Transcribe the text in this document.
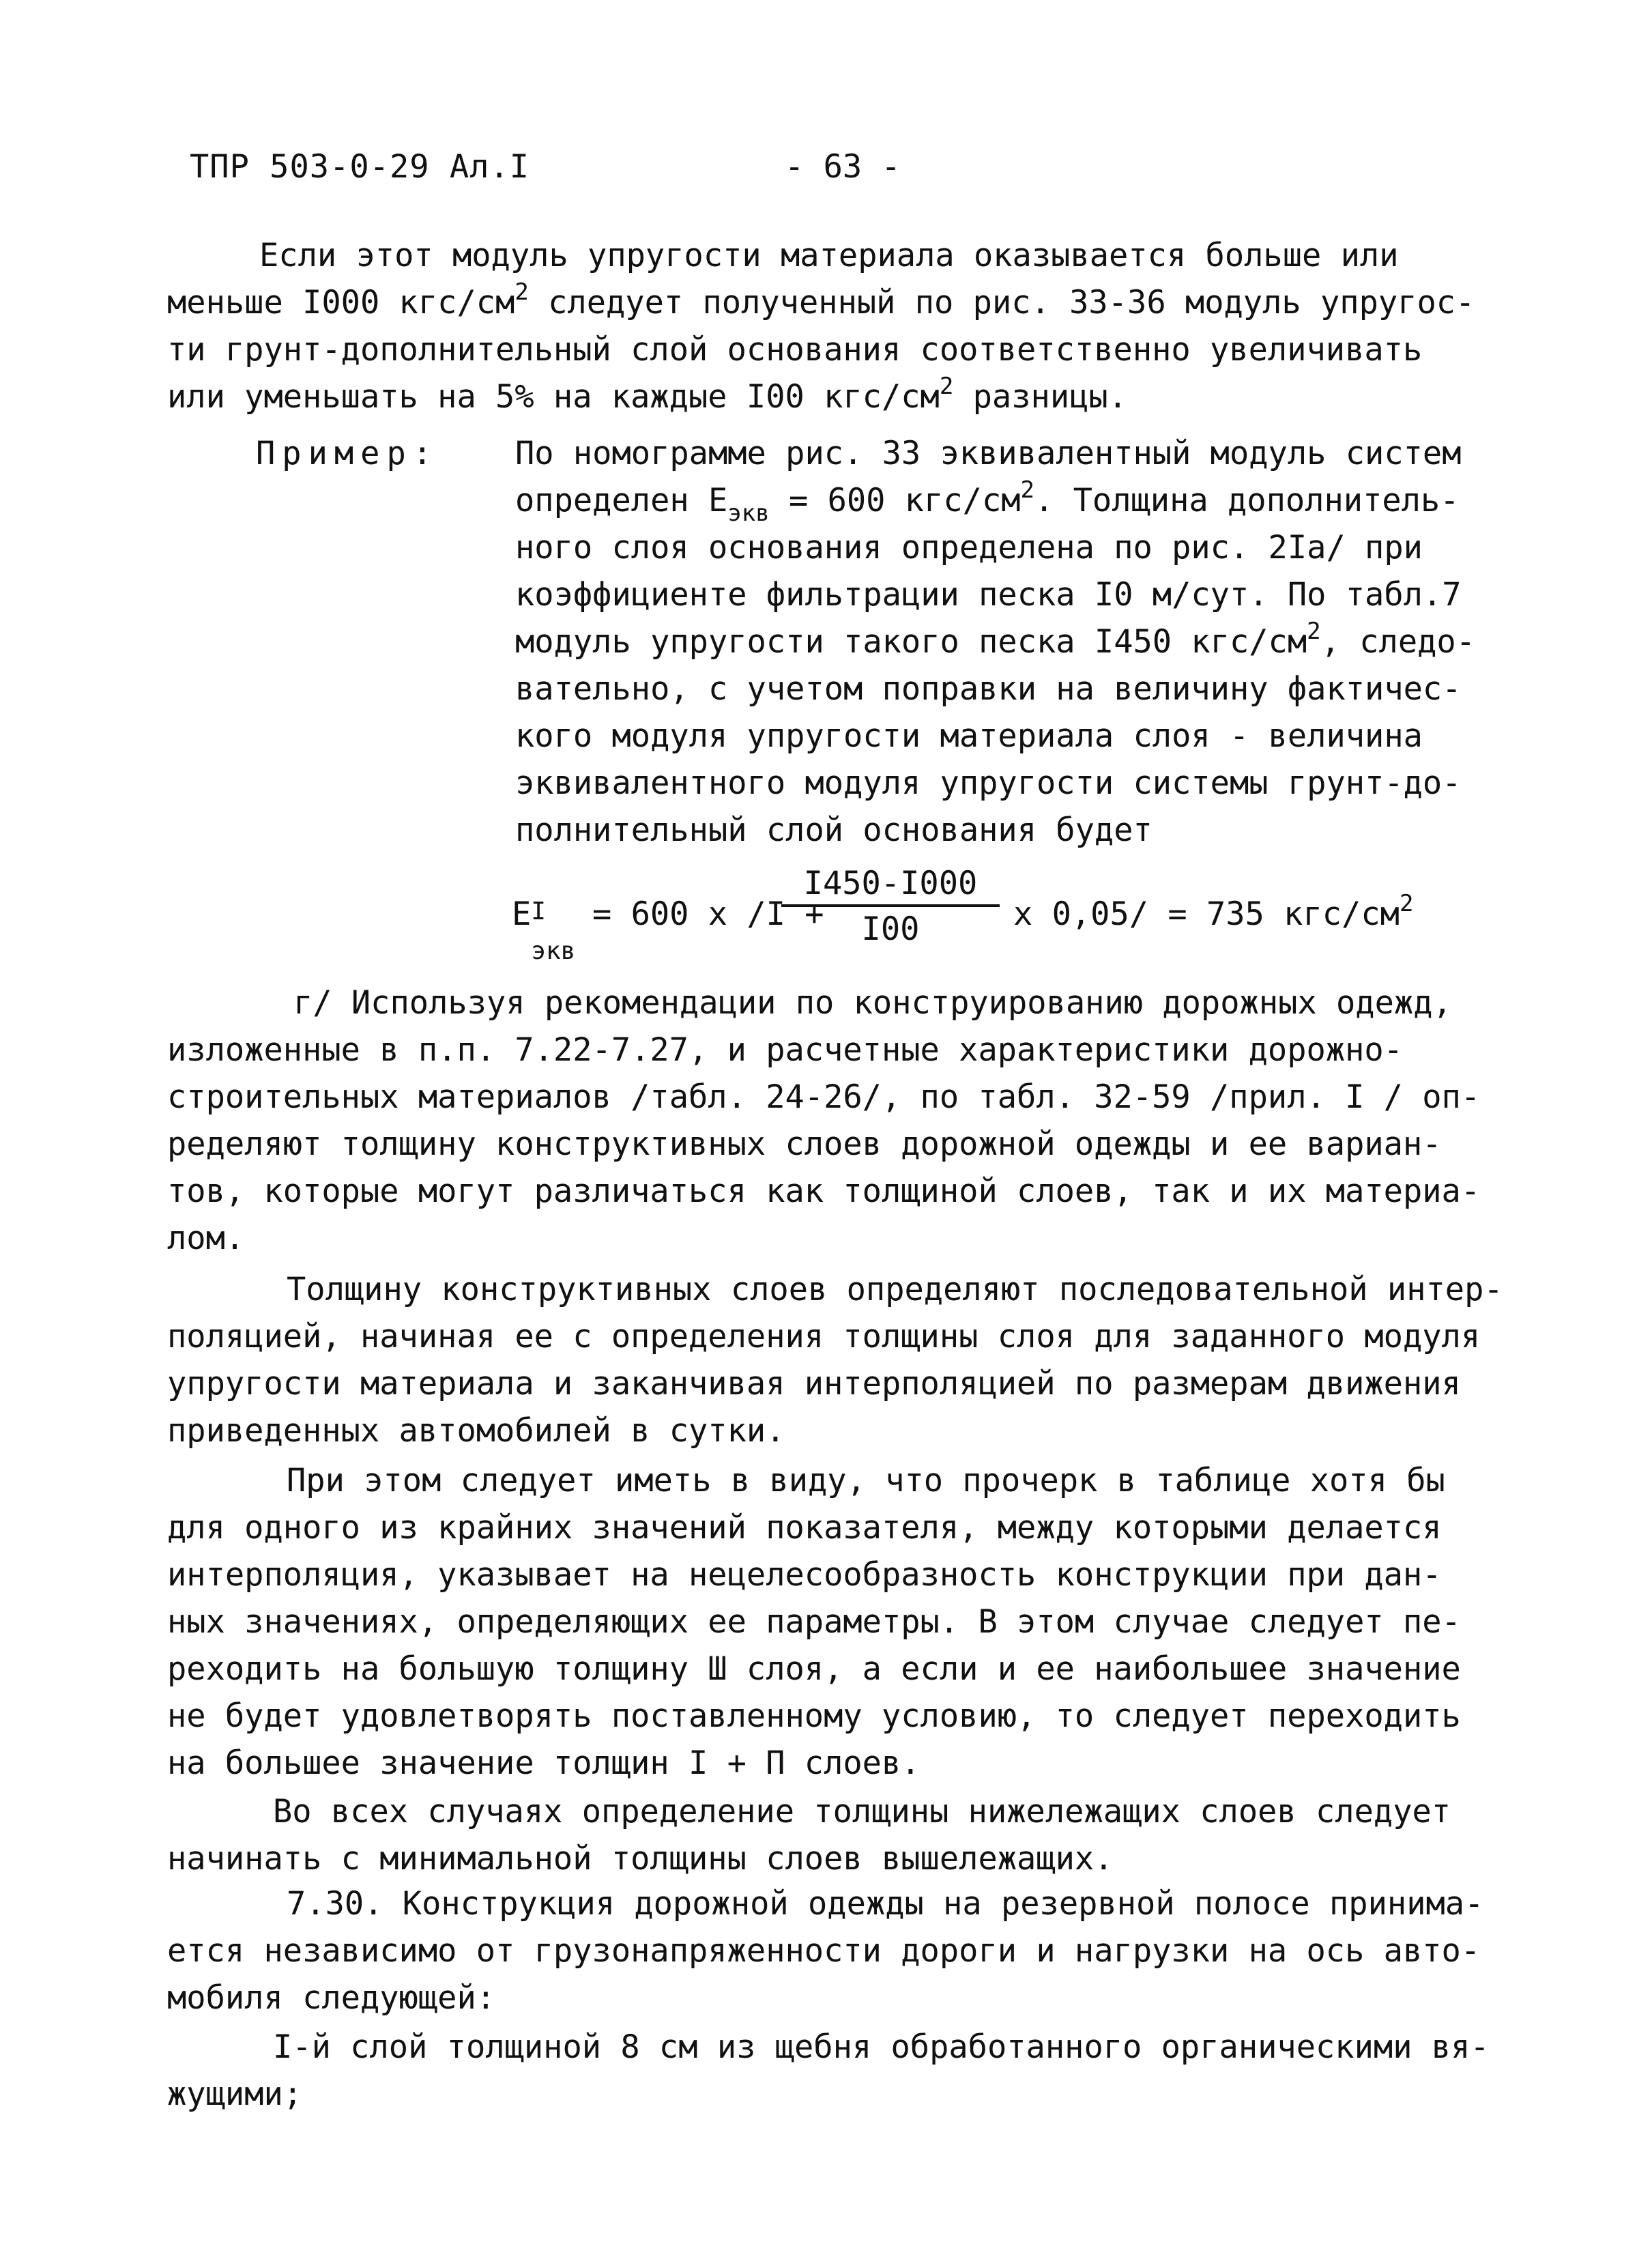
ТПР 503-0-29 Ал.I	- 63 -
Если этот модуль упругости материала оказывается больше или
меньше I000 кгс/$см^2$ следует полученный по рис. 33-36 модуль упругос-
ти грунт-дополнительный слой основания соответственно увеличивать
или уменьшать на 5% на каждые I00 кгс/$см^2$ разницы.
Пример: По номограмме рис. 33 эквивалентный модуль систем
определен $E_{экв} = 600$ кгс/$см^2$. Толщина дополнитель-
ного слоя основания определена по рис. 2Iа/ при
коэффициенте фильтрации песка I0 м/сут. По табл.7
модуль упругости такого песка I450 кгс/$см^2$, следо-
вательно, с учетом поправки на величину фактичес-
кого модуля упругости материала слоя - величина
эквивалентного модуля упругости системы грунт-до-
полнительный слой основания будет
E I
экв
= 600 x /I +
$\frac{I450-I000}{I00}$ x 0,05/ = 735 кгс/$см^2$
г/ Используя рекомендации по конструированию дорожных одежд,
изложенные в п.п. 7.22-7.27, и расчетные характеристики дорожно-
строительных материалов /табл. 24-26/, по табл. 32-59 /прил. I / оп-
ределяют толщину конструктивных слоев дорожной одежды и ее вариан-
тов, которые могут различаться как толщиной слоев, так и их материа-
лом.
Толщину конструктивных слоев определяют последовательной интер-
поляцией, начиная ее с определения толщины слоя для заданного модуля
упругости материала и заканчивая интерполяцией по размерам движения
приведенных автомобилей в сутки.
При этом следует иметь в виду, что прочерк в таблице хотя бы
для одного из крайних значений показателя, между которыми делается
интерполяция, указывает на нецелесообразность конструкции при дан-
ных значениях, определяющих ее параметры. В этом случае следует пе-
реходить на большую толщину Ш слоя, а если и ее наибольшее значение
не будет удовлетворять поставленному условию, то следует переходить
на большее значение толщин I + П слоев.
Во всех случаях определение толщины нижележащих слоев следует
начинать с минимальной толщины слоев вышележащих.
7.30. Конструкция дорожной одежды на резервной полосе принима-
ется независимо от грузонапряженности дороги и нагрузки на ось авто-
мобиля следующей:
I-й слой толщиной 8 см из щебня обработанного органическими вя-
жущими;
